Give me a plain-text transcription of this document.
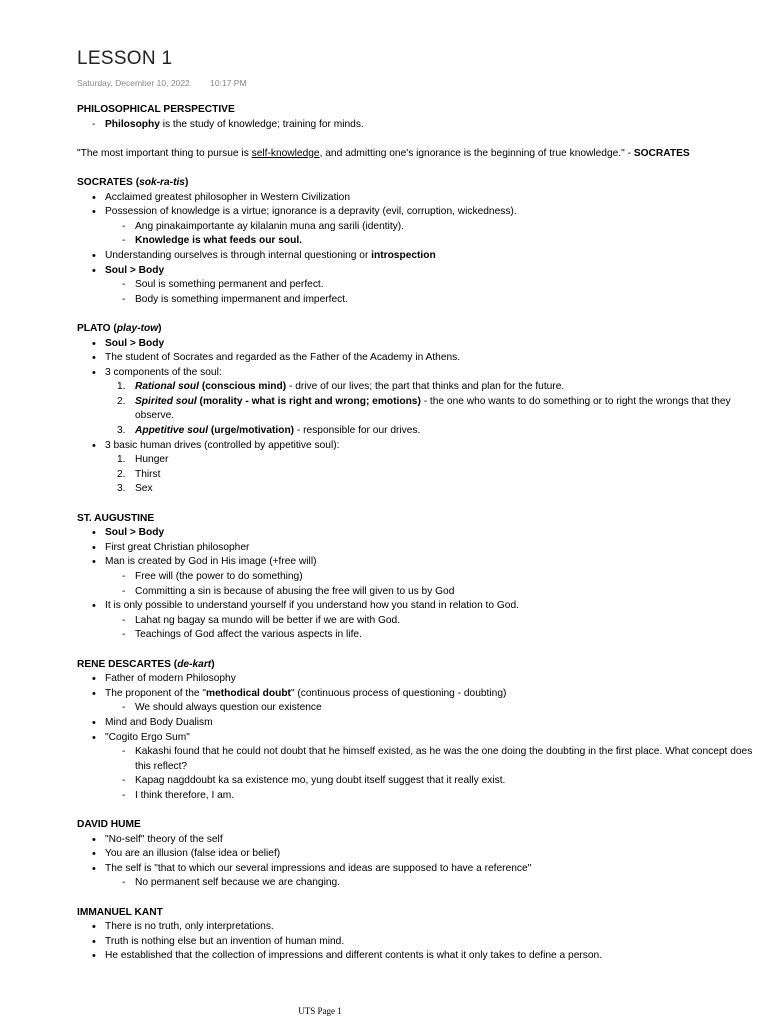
LESSON 1
Saturday, December 10, 2022 10:17 PM

PHILOSOPHICAL PERSPECTIVE

- Philosophy is the study of knowledge; training for minds.

"The most important thing to pursue is self-knowledge, and admitting one's ignorance is the beginning of true knowledge." - SOCRATES

SOCRATES (sok-ra-tis)

• Acclaimed greatest philosopher in Western Civilization
• Possession of knowledge is a virtue; ignorance is a depravity (evil, corruption, wickedness).
- Ang pinakaimportante ay kilalanin muna ang sarili (identity).
- Knowledge is what feeds our soul.
• Understanding ourselves is through internal questioning or introspection
• Soul > Body
- Soul is something permanent and perfect.
- Body is something impermanent and imperfect.

PLATO (play-tow)

• Soul > Body
• The student of Socrates and regarded as the Father of the Academy in Athens.
• 3 components of the soul:
1. Rational soul (conscious mind) - drive of our lives; the part that thinks and plan for the future.
2. Spirited soul (morality - what is right and wrong; emotions) - the one who wants to do something or to right the wrongs that they observe.
3. Appetitive soul (urge/motivation) - responsible for our drives.
• 3 basic human drives (controlled by appetitive soul):
1. Hunger
2. Thirst
3. Sex

ST. AUGUSTINE

• Soul > Body
• First great Christian philosopher
• Man is created by God in His image (+free will)
- Free will (the power to do something)
- Committing a sin is because of abusing the free will given to us by God
• It is only possible to understand yourself if you understand how you stand in relation to God.
- Lahat ng bagay sa mundo will be better if we are with God.
- Teachings of God affect the various aspects in life.

RENE DESCARTES (de-kart)

• Father of modern Philosophy
• The proponent of the "methodical doubt" (continuous process of questioning - doubting)
- We should always question our existence
• Mind and Body Dualism
• "Cogito Ergo Sum"
- Kakashi found that he could not doubt that he himself existed, as he was the one doing the doubting in the first place. What concept does this reflect?
- Kapag nagddoubt ka sa existence mo, yung doubt itself suggest that it really exist.
- I think therefore, I am.

DAVID HUME

• "No-self" theory of the self
• You are an illusion (false idea or belief)
• The self is "that to which our several impressions and ideas are supposed to have a reference"
- No permanent self because we are changing.

IMMANUEL KANT

• There is no truth, only interpretations.
• Truth is nothing else but an invention of human mind.
• He established that the collection of impressions and different contents is what it only takes to define a person.
UTS Page 1
